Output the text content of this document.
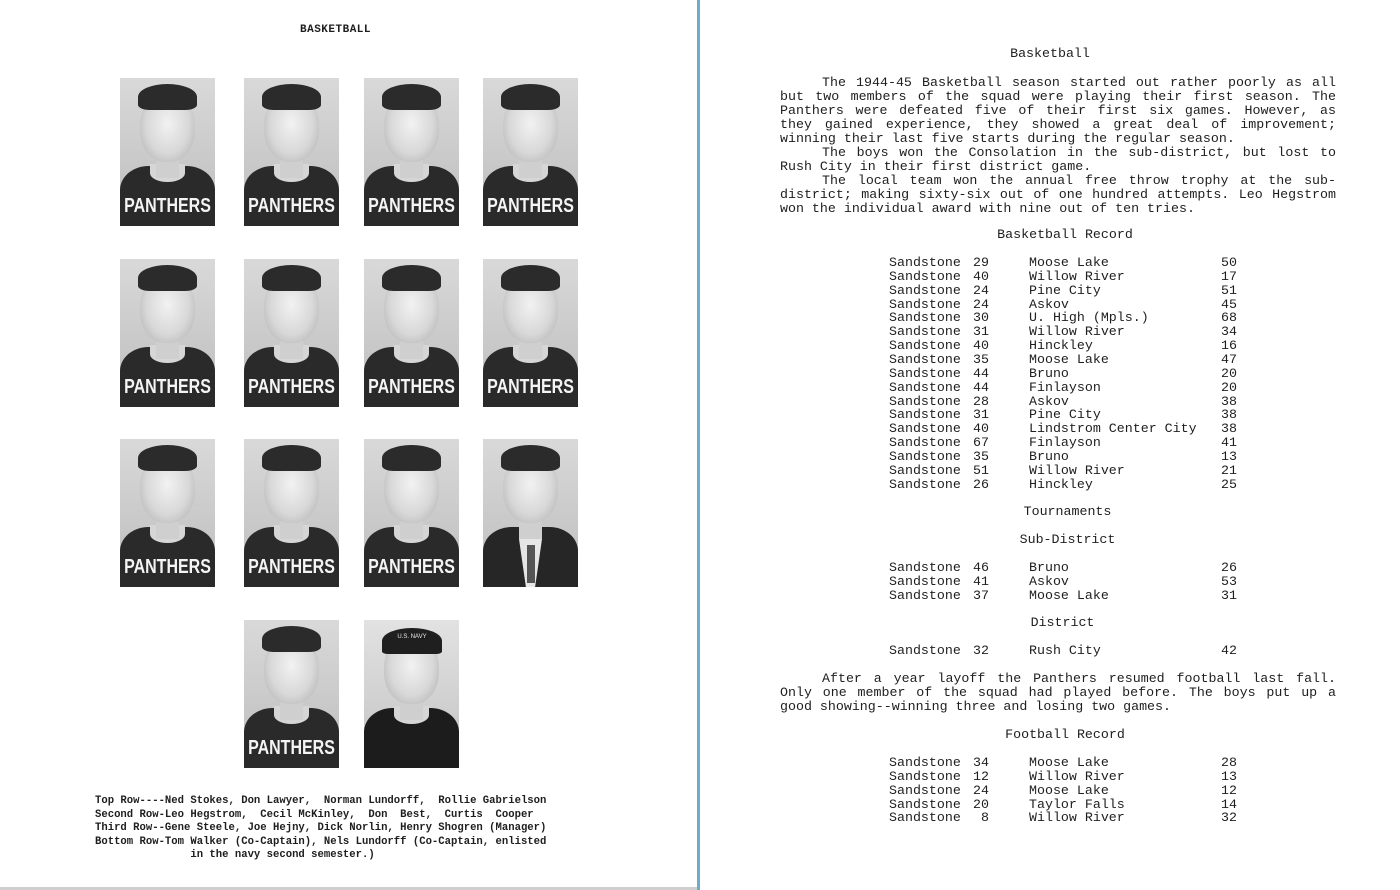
BASKETBALL
PANTHERS PANTHERS PANTHERS PANTHERS
PANTHERS PANTHERS PANTHERS PANTHERS
PANTHERS PANTHERS PANTHERS
PANTHERS
U.S. NAVY
Top Row----Ned Stokes, Don Lawyer,  Norman Lundorff,  Rollie Gabrielson
Second Row-Leo Hegstrom,  Cecil McKinley,  Don  Best,  Curtis  Cooper
Third Row--Gene Steele, Joe Hejny, Dick Norlin, Henry Shogren (Manager)
Bottom Row-Tom Walker (Co-Captain), Nels Lundorff (Co-Captain, enlisted
in the navy second semester.)
Basketball
The 1944-45 Basketball season started out rather poorly as all but two members of the squad were playing their first season. The Panthers were defeated five of their first six games. However, as they gained experience, they showed a great deal of improvement; winning their last five starts during the regular season.
The boys won the Consolation in the sub-district, but lost to Rush City in their first district game.
The local team won the annual free throw trophy at the sub-district; making sixty-six out of one hundred attempts. Leo Hegstrom won the individual award with nine out of ten tries.
Basketball Record
Sandstone 29	Moose Lake	50
Sandstone 40	Willow River	17
Sandstone 24	Pine City	51
Sandstone 24	Askov	45
Sandstone 30	U. High (Mpls.)	68
Sandstone 31	Willow River	34
Sandstone 40	Hinckley	16
Sandstone 35	Moose Lake	47
Sandstone 44	Bruno	20
Sandstone 44	Finlayson	20
Sandstone 28	Askov	38
Sandstone 31	Pine City	38
Sandstone 40	Lindstrom Center City	38
Sandstone 67	Finlayson	41
Sandstone 35	Bruno	13
Sandstone 51	Willow River	21
Sandstone 26	Hinckley	25
Tournaments
Sub-District
Sandstone 46	Bruno	26
Sandstone 41	Askov	53
Sandstone 37	Moose Lake	31
District
Sandstone 32	Rush City	42
After a year layoff the Panthers resumed football last fall. Only one member of the squad had played before. The boys put up a good showing--winning three and losing two games.
Football Record
Sandstone 34	Moose Lake	28
Sandstone 12	Willow River	13
Sandstone 24	Moose Lake	12
Sandstone 20	Taylor Falls	14
Sandstone	8	Willow River	32
